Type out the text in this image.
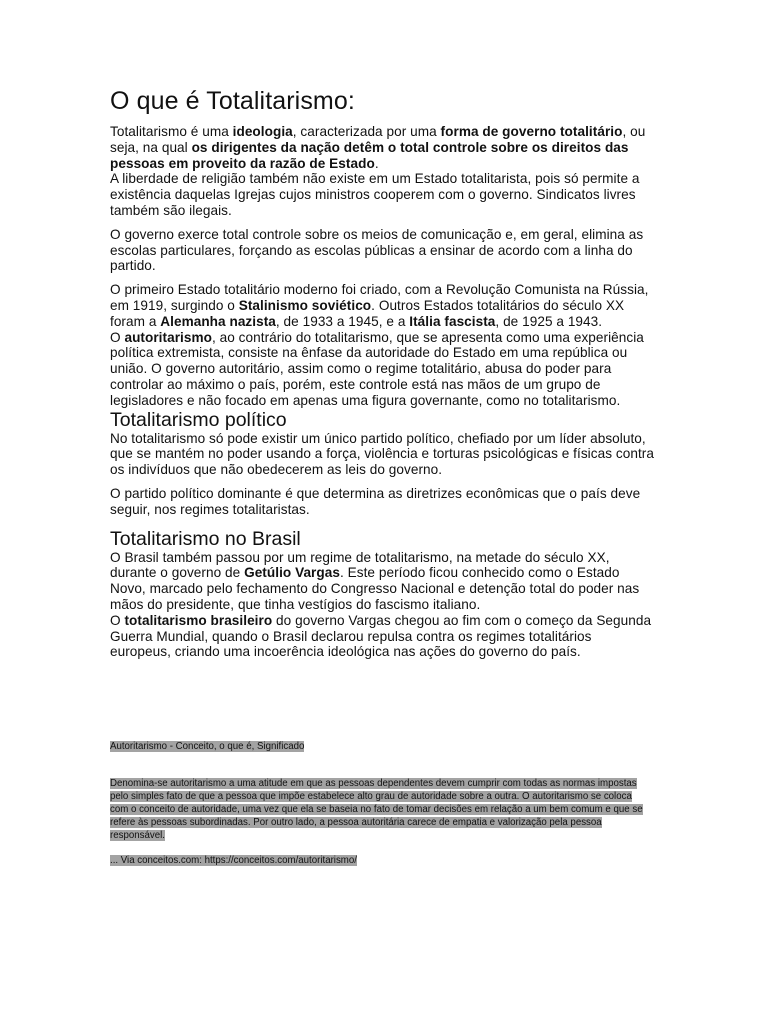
O que é Totalitarismo:

Totalitarismo é uma ideologia, caracterizada por uma forma de governo totalitário, ou seja, na qual os dirigentes da nação detêm o total controle sobre os direitos das pessoas em proveito da razão de Estado.

A liberdade de religião também não existe em um Estado totalitarista, pois só permite a existência daquelas Igrejas cujos ministros cooperem com o governo. Sindicatos livres também são ilegais.

O governo exerce total controle sobre os meios de comunicação e, em geral, elimina as escolas particulares, forçando as escolas públicas a ensinar de acordo com a linha do partido.

O primeiro Estado totalitário moderno foi criado, com a Revolução Comunista na Rússia, em 1919, surgindo o Stalinismo soviético. Outros Estados totalitários do século XX foram a Alemanha nazista, de 1933 a 1945, e a Itália fascista, de 1925 a 1943.

O autoritarismo, ao contrário do totalitarismo, que se apresenta como uma experiência política extremista, consiste na ênfase da autoridade do Estado em uma república ou união. O governo autoritário, assim como o regime totalitário, abusa do poder para controlar ao máximo o país, porém, este controle está nas mãos de um grupo de legisladores e não focado em apenas uma figura governante, como no totalitarismo.

Totalitarismo político

No totalitarismo só pode existir um único partido político, chefiado por um líder absoluto, que se mantém no poder usando a força, violência e torturas psicológicas e físicas contra os indivíduos que não obedecerem as leis do governo.

O partido político dominante é que determina as diretrizes econômicas que o país deve seguir, nos regimes totalitaristas.

Totalitarismo no Brasil

O Brasil também passou por um regime de totalitarismo, na metade do século XX, durante o governo de Getúlio Vargas. Este período ficou conhecido como o Estado Novo, marcado pelo fechamento do Congresso Nacional e detenção total do poder nas mãos do presidente, que tinha vestígios do fascismo italiano.

O totalitarismo brasileiro do governo Vargas chegou ao fim com o começo da Segunda Guerra Mundial, quando o Brasil declarou repulsa contra os regimes totalitários europeus, criando uma incoerência ideológica nas ações do governo do país.

Autoritarismo - Conceito, o que é, Significado
Denomina-se autoritarismo a uma atitude em que as pessoas dependentes devem cumprir com todas as normas impostas pelo simples fato de que a pessoa que impõe estabelece alto grau de autoridade sobre a outra. O autoritarismo se coloca com o conceito de autoridade, uma vez que ela se baseia no fato de tomar decisões em relação a um bem comum e que se refere às pessoas subordinadas. Por outro lado, a pessoa autoritária carece de empatia e valorização pela pessoa responsável.
... Via conceitos.com: https://conceitos.com/autoritarismo/
